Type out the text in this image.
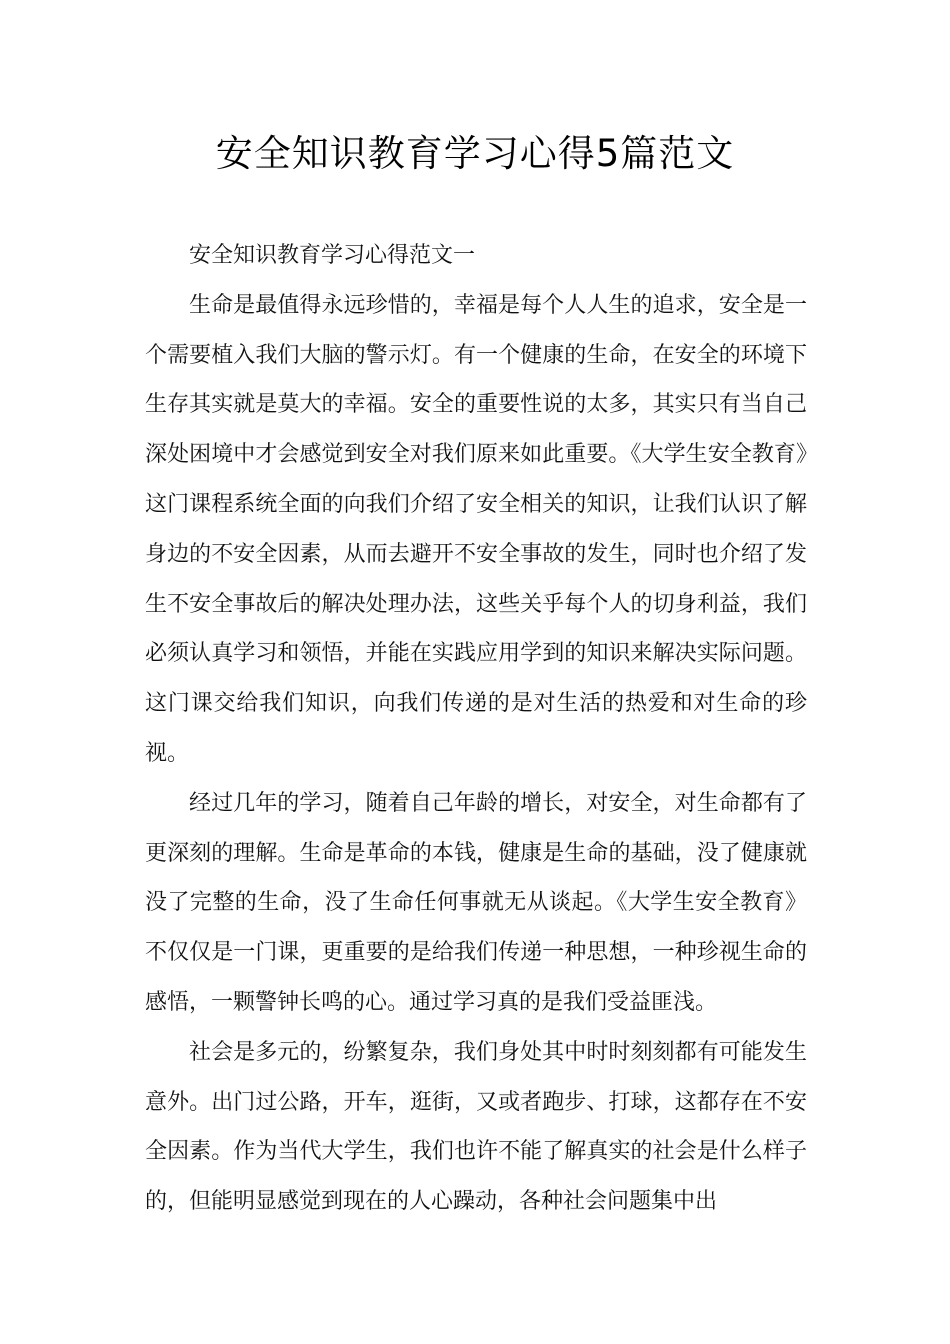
安全知识教育学习心得5篇范文

安全知识教育学习心得范文一

生命是最值得永远珍惜的，幸福是每个人人生的追求，安全是一个需要植入我们大脑的警示灯。有一个健康的生命，在安全的环境下生存其实就是莫大的幸福。安全的重要性说的太多，其实只有当自己深处困境中才会感觉到安全对我们原来如此重要。《大学生安全教育》这门课程系统全面的向我们介绍了安全相关的知识，让我们认识了解身边的不安全因素，从而去避开不安全事故的发生，同时也介绍了发生不安全事故后的解决处理办法，这些关乎每个人的切身利益，我们必须认真学习和领悟，并能在实践应用学到的知识来解决实际问题。这门课交给我们知识，向我们传递的是对生活的热爱和对生命的珍视。

经过几年的学习，随着自己年龄的增长，对安全，对生命都有了更深刻的理解。生命是革命的本钱，健康是生命的基础，没了健康就没了完整的生命，没了生命任何事就无从谈起。《大学生安全教育》不仅仅是一门课，更重要的是给我们传递一种思想，一种珍视生命的感悟，一颗警钟长鸣的心。通过学习真的是我们受益匪浅。

社会是多元的，纷繁复杂，我们身处其中时时刻刻都有可能发生意外。出门过公路，开车，逛街，又或者跑步、打球，这都存在不安全因素。作为当代大学生，我们也许不能了解真实的社会是什么样子的，但能明显感觉到现在的人心躁动，各种社会问题集中出
